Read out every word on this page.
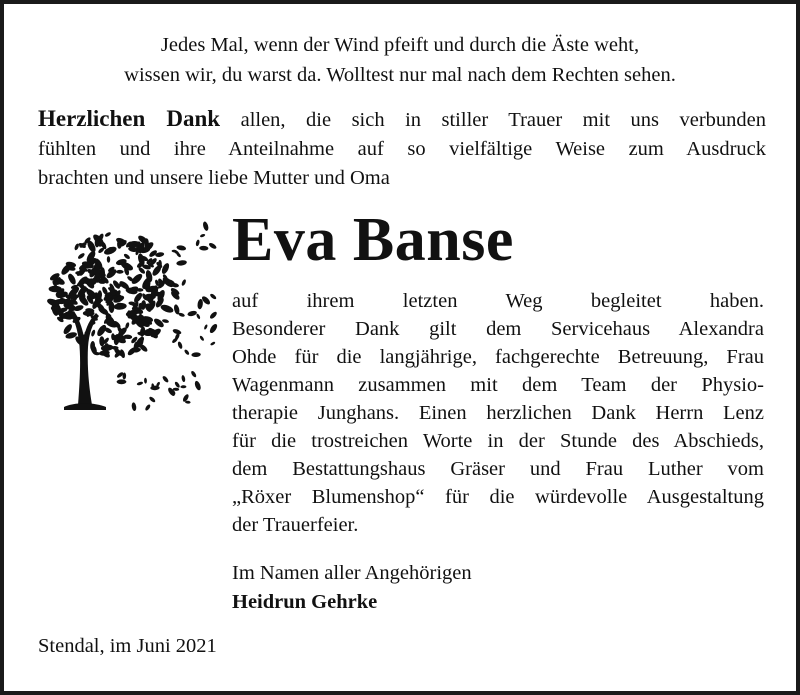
Jedes Mal, wenn der Wind pfeift und durch die Äste weht,
wissen wir, du warst da. Wolltest nur mal nach dem Rechten sehen.
Herzlichen Dank allen, die sich in stiller Trauer mit uns verbunden
fühlten und ihre Anteilnahme auf so vielfältige Weise zum Ausdruck
brachten und unsere liebe Mutter und Oma
Eva Banse
auf ihrem letzten Weg begleitet haben.
Besonderer Dank gilt dem Servicehaus Alexandra
Ohde für die langjährige, fachgerechte Betreuung, Frau
Wagenmann zusammen mit dem Team der Physio-
therapie Junghans. Einen herzlichen Dank Herrn Lenz
für die trostreichen Worte in der Stunde des Abschieds,
dem Bestattungshaus Gräser und Frau Luther vom
„Röxer Blumenshop“ für die würdevolle Ausgestaltung
der Trauerfeier.
Im Namen aller Angehörigen
Heidrun Gehrke
Stendal, im Juni 2021
